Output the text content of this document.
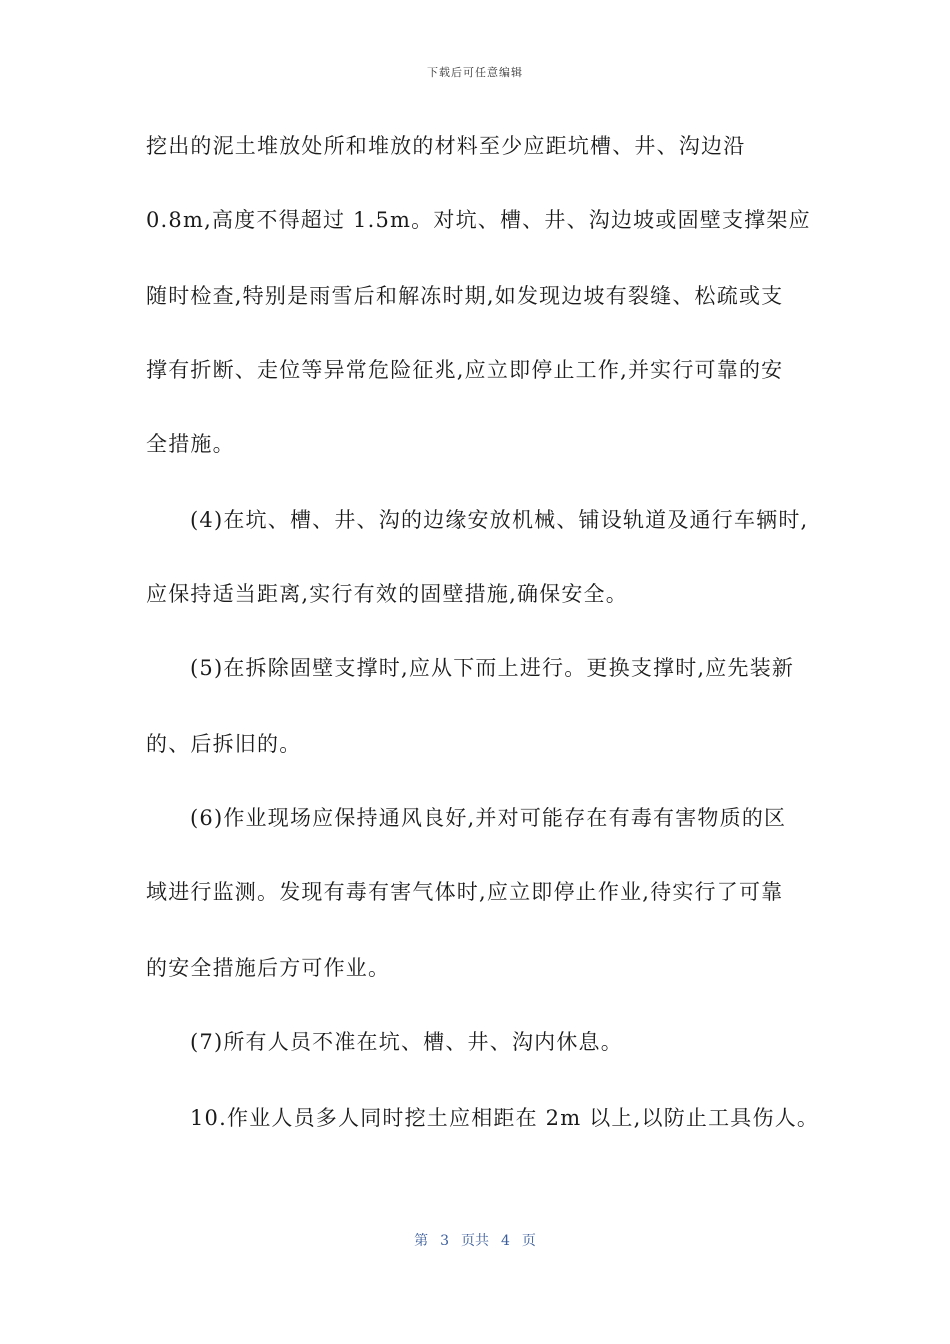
下载后可任意编辑
挖出的泥土堆放处所和堆放的材料至少应距坑槽、井、沟边沿
0.8m,高度不得超过 1.5m。对坑、槽、井、沟边坡或固壁支撑架应
随时检查,特别是雨雪后和解冻时期,如发现边坡有裂缝、松疏或支
撑有折断、走位等异常危险征兆,应立即停止工作,并实行可靠的安
全措施。
(4)在坑、槽、井、沟的边缘安放机械、铺设轨道及通行车辆时,
应保持适当距离,实行有效的固壁措施,确保安全。
(5)在拆除固壁支撑时,应从下而上进行。更换支撑时,应先装新
的、后拆旧的。
(6)作业现场应保持通风良好,并对可能存在有毒有害物质的区
域进行监测。发现有毒有害气体时,应立即停止作业,待实行了可靠
的安全措施后方可作业。
(7)所有人员不准在坑、槽、井、沟内休息。
10.作业人员多人同时挖土应相距在 2m 以上,以防止工具伤人。
第 3 页共 4 页
